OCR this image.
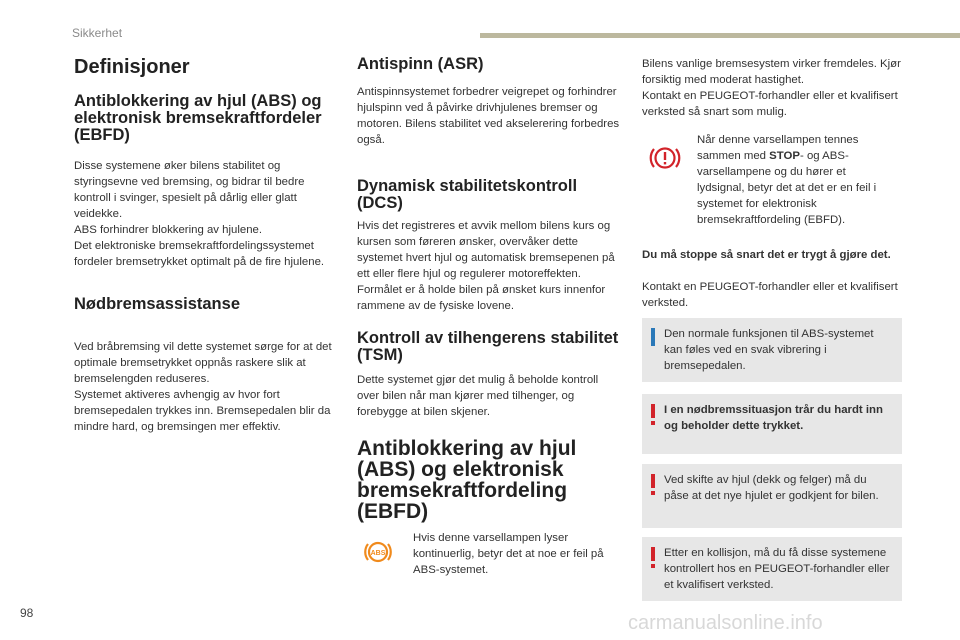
Sikkerhet
Definisjoner
Antiblokkering av hjul (ABS) og elektronisk bremsekraftfordeler (EBFD)

Disse systemene øker bilens stabilitet og styringsevne ved bremsing, og bidrar til bedre kontroll i svinger, spesielt på dårlig eller glatt veidekke.

ABS forhindrer blokkering av hjulene.

Det elektroniske bremsekraftfordelingssystemet fordeler bremsetrykket optimalt på de fire hjulene.

Nødbremsassistanse

Ved bråbremsing vil dette systemet sørge for at det optimale bremsetrykket oppnås raskere slik at bremselengden reduseres.

Systemet aktiveres avhengig av hvor fort bremsepedalen trykkes inn. Bremsepedalen blir da mindre hard, og bremsingen mer effektiv.

Antispinn (ASR)

Antispinnsystemet forbedrer veigrepet og forhindrer hjulspinn ved å påvirke drivhjulenes bremser og motoren. Bilens stabilitet ved akselerering forbedres også.

Dynamisk stabilitetskontroll (DCS)

Hvis det registreres et avvik mellom bilens kurs og kursen som føreren ønsker, overvåker dette systemet hvert hjul og automatisk bremsepenen på ett eller flere hjul og regulerer motoreffekten. Formålet er å holde bilen på ønsket kurs innenfor rammene av de fysiske lovene.

Kontroll av tilhengerens stabilitet (TSM)

Dette systemet gjør det mulig å beholde kontroll over bilen når man kjører med tilhenger, og forebygge at bilen skjener.

Antiblokkering av hjul (ABS) og elektronisk bremsekraftfordeling (EBFD)
ABS

Hvis denne varsellampen lyser kontinuerlig, betyr det at noe er feil på ABS-systemet.

Bilens vanlige bremsesystem virker fremdeles. Kjør forsiktig med moderat hastighet.

Kontakt en PEUGEOT-forhandler eller et kvalifisert verksted så snart som mulig.

Når denne varsellampen tennes sammen med STOP- og ABS-varsellampene og du hører et lydsignal, betyr det at det er en feil i systemet for elektronisk bremsekraftfordeling (EBFD).

Du må stoppe så snart det er trygt å gjøre det.

Kontakt en PEUGEOT-forhandler eller et kvalifisert verksted.

Den normale funksjonen til ABS-systemet kan føles ved en svak vibrering i bremsepedalen.
I en nødbremssituasjon trår du hardt inn og beholder dette trykket.
Ved skifte av hjul (dekk og felger) må du påse at det nye hjulet er godkjent for bilen.
Etter en kollisjon, må du få disse systemene kontrollert hos en PEUGEOT-forhandler eller et kvalifisert verksted.
98	carmanualsonline.info
